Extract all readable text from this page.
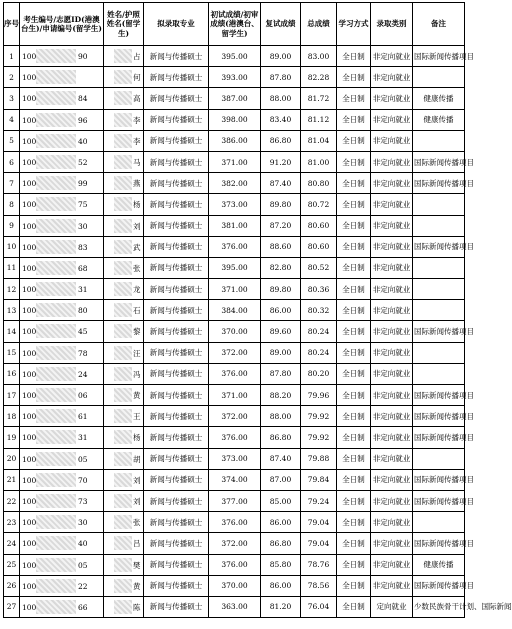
序号	考生编号/志愿ID(港澳台生)/申请编号(留学生)	姓名/护照姓名(留学生)	拟录取专业	初试成绩/初审成绩(港澳台、留学生)	复试成绩	总成绩	学习方式	录取类别	备注
1	100 90	占	新闻与传播硕士	395.00	89.00	83.00	全日制	非定向就业	国际新闻传播项目
2	100	何	新闻与传播硕士	393.00	87.80	82.28	全日制	非定向就业	
3	100 84	高	新闻与传播硕士	387.00	88.00	81.72	全日制	非定向就业	健康传播
4	100 96	李	新闻与传播硕士	398.00	83.40	81.12	全日制	非定向就业	健康传播
5	100 40	李	新闻与传播硕士	386.00	86.80	81.04	全日制	非定向就业	
6	100 52	马	新闻与传播硕士	371.00	91.20	81.00	全日制	非定向就业	国际新闻传播项目
7	100 99	燕	新闻与传播硕士	382.00	87.40	80.80	全日制	非定向就业	国际新闻传播项目
8	100 75	杨	新闻与传播硕士	373.00	89.80	80.72	全日制	非定向就业	
9	100 30	刘	新闻与传播硕士	381.00	87.20	80.60	全日制	非定向就业	
10	100 83	武	新闻与传播硕士	376.00	88.60	80.60	全日制	非定向就业	国际新闻传播项目
11	100 68	张	新闻与传播硕士	395.00	82.80	80.52	全日制	非定向就业	
12	100 31	龙	新闻与传播硕士	371.00	89.80	80.36	全日制	非定向就业	
13	100 80	石	新闻与传播硕士	384.00	86.00	80.32	全日制	非定向就业	
14	100 45	黎	新闻与传播硕士	370.00	89.60	80.24	全日制	非定向就业	国际新闻传播项目
15	100 78	汪	新闻与传播硕士	372.00	89.00	80.24	全日制	非定向就业	
16	100 24	冯	新闻与传播硕士	376.00	87.80	80.20	全日制	非定向就业	
17	100 06	黄	新闻与传播硕士	371.00	88.20	79.96	全日制	非定向就业	国际新闻传播项目
18	100 61	王	新闻与传播硕士	372.00	88.00	79.92	全日制	非定向就业	国际新闻传播项目
19	100 31	杨	新闻与传播硕士	376.00	86.80	79.92	全日制	非定向就业	国际新闻传播项目
20	100 05	胡	新闻与传播硕士	373.00	87.40	79.88	全日制	非定向就业	
21	100 70	刘	新闻与传播硕士	374.00	87.00	79.84	全日制	非定向就业	国际新闻传播项目
22	100 73	刘	新闻与传播硕士	377.00	85.00	79.24	全日制	非定向就业	国际新闻传播项目
23	100 30	张	新闻与传播硕士	376.00	86.00	79.04	全日制	非定向就业	
24	100 40	吕	新闻与传播硕士	372.00	86.80	79.04	全日制	非定向就业	国际新闻传播项目
25	100 05	樊	新闻与传播硕士	376.00	85.80	78.76	全日制	非定向就业	健康传播
26	100 22	黄	新闻与传播硕士	370.00	86.00	78.56	全日制	非定向就业	国际新闻传播项目
27	100 66	陈	新闻与传播硕士	363.00	81.20	76.04	全日制	定向就业	少数民族骨干计划、国际新闻
